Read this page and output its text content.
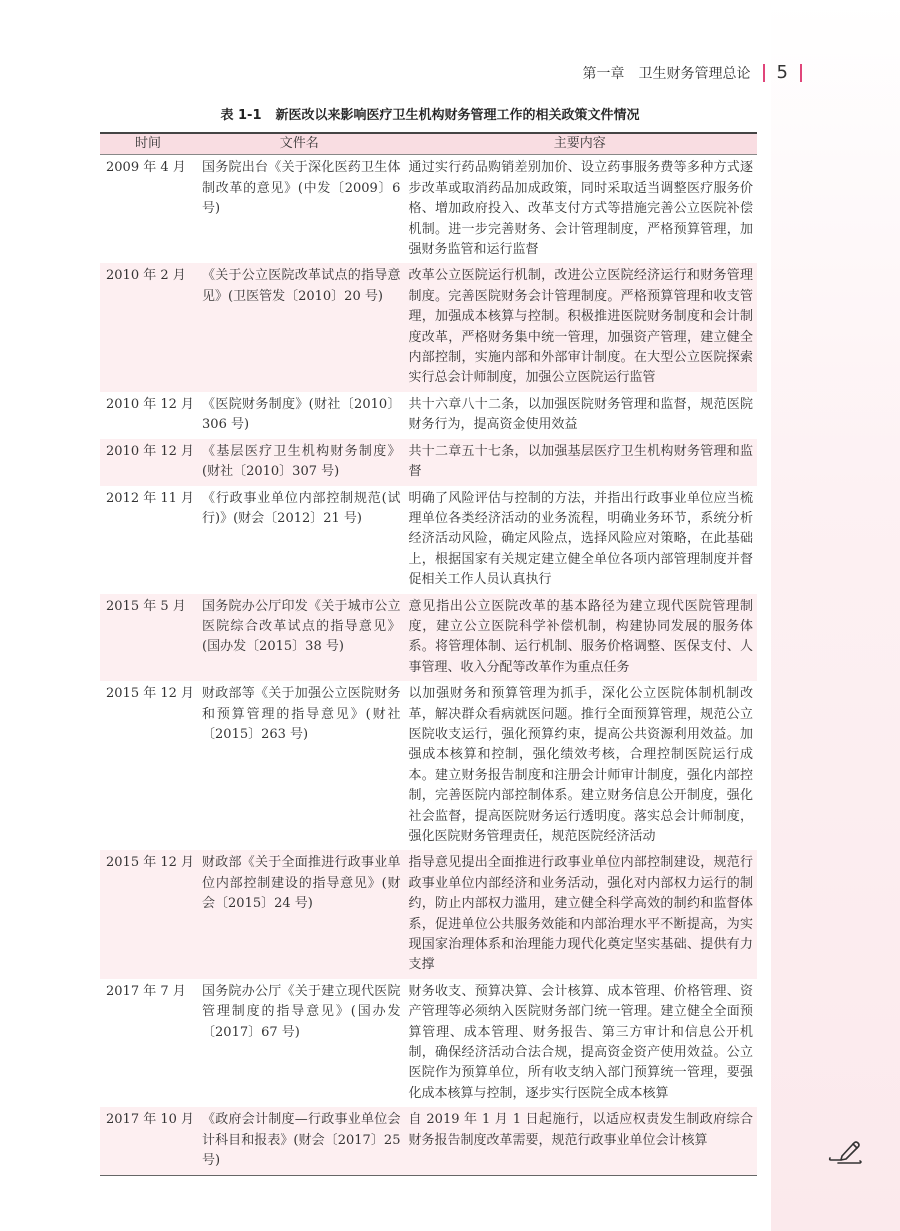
第一章 卫生财务管理总论 5
表 1-1 新医改以来影响医疗卫生机构财务管理工作的相关政策文件情况
时间	文件名	主要内容
2009 年 4 月	国务院出台《关于深化医药卫生体制改革的意见》(中发〔2009〕6 号)	通过实行药品购销差别加价、设立药事服务费等多种方式逐步改革或取消药品加成政策，同时采取适当调整医疗服务价格、增加政府投入、改革支付方式等措施完善公立医院补偿机制。进一步完善财务、会计管理制度，严格预算管理，加强财务监管和运行监督
2010 年 2 月	《关于公立医院改革试点的指导意见》(卫医管发〔2010〕20 号)	改革公立医院运行机制，改进公立医院经济运行和财务管理制度。完善医院财务会计管理制度。严格预算管理和收支管理，加强成本核算与控制。积极推进医院财务制度和会计制度改革，严格财务集中统一管理，加强资产管理，建立健全内部控制，实施内部和外部审计制度。在大型公立医院探索实行总会计师制度，加强公立医院运行监管
2010 年 12 月	《医院财务制度》(财社〔2010〕306 号)	共十六章八十二条，以加强医院财务管理和监督，规范医院财务行为，提高资金使用效益
2010 年 12 月	《基层医疗卫生机构财务制度》(财社〔2010〕307 号)	共十二章五十七条，以加强基层医疗卫生机构财务管理和监督
2012 年 11 月	《行政事业单位内部控制规范(试行)》(财会〔2012〕21 号)	明确了风险评估与控制的方法，并指出行政事业单位应当梳理单位各类经济活动的业务流程，明确业务环节，系统分析经济活动风险，确定风险点，选择风险应对策略，在此基础上，根据国家有关规定建立健全单位各项内部管理制度并督促相关工作人员认真执行
2015 年 5 月	国务院办公厅印发《关于城市公立医院综合改革试点的指导意见》(国办发〔2015〕38 号)	意见指出公立医院改革的基本路径为建立现代医院管理制度，建立公立医院科学补偿机制，构建协同发展的服务体系。将管理体制、运行机制、服务价格调整、医保支付、人事管理、收入分配等改革作为重点任务
2015 年 12 月	财政部等《关于加强公立医院财务和预算管理的指导意见》(财社〔2015〕263 号)	以加强财务和预算管理为抓手，深化公立医院体制机制改革，解决群众看病就医问题。推行全面预算管理，规范公立医院收支运行，强化预算约束，提高公共资源利用效益。加强成本核算和控制，强化绩效考核，合理控制医院运行成本。建立财务报告制度和注册会计师审计制度，强化内部控制，完善医院内部控制体系。建立财务信息公开制度，强化社会监督，提高医院财务运行透明度。落实总会计师制度，强化医院财务管理责任，规范医院经济活动
2015 年 12 月	财政部《关于全面推进行政事业单位内部控制建设的指导意见》(财会〔2015〕24 号)	指导意见提出全面推进行政事业单位内部控制建设，规范行政事业单位内部经济和业务活动，强化对内部权力运行的制约，防止内部权力滥用，建立健全科学高效的制约和监督体系，促进单位公共服务效能和内部治理水平不断提高，为实现国家治理体系和治理能力现代化奠定坚实基础、提供有力支撑
2017 年 7 月	国务院办公厅《关于建立现代医院管理制度的指导意见》(国办发〔2017〕67 号)	财务收支、预算决算、会计核算、成本管理、价格管理、资产管理等必须纳入医院财务部门统一管理。建立健全全面预算管理、成本管理、财务报告、第三方审计和信息公开机制，确保经济活动合法合规，提高资金资产使用效益。公立医院作为预算单位，所有收支纳入部门预算统一管理，要强化成本核算与控制，逐步实行医院全成本核算
2017 年 10 月	《政府会计制度—行政事业单位会计科目和报表》(财会〔2017〕25 号)	自 2019 年 1 月 1 日起施行，以适应权责发生制政府综合财务报告制度改革需要，规范行政事业单位会计核算
